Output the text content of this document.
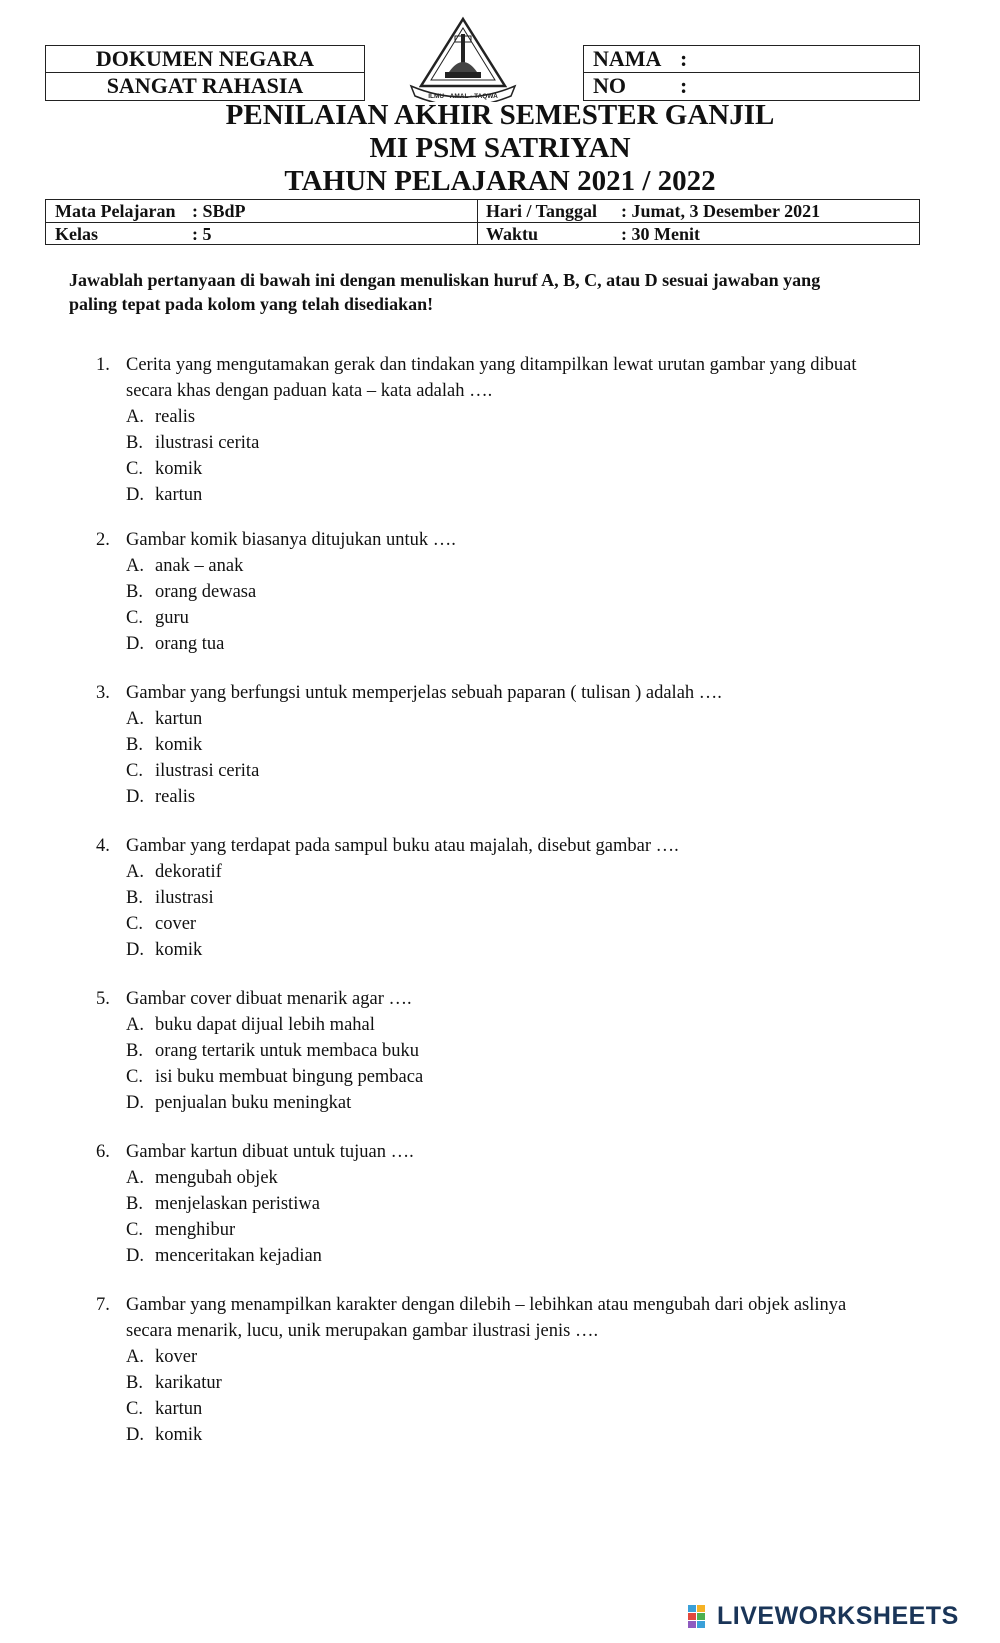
DOKUMEN NEGARA
SANGAT RAHASIA
NAMA :
NO :
ILMU - AMAL - TAQWA
PENILAIAN AKHIR SEMESTER GANJIL
MI PSM SATRIYAN
TAHUN PELAJARAN 2021 / 2022
Mata Pelajaran : SBdP
Kelas	: 5
Hari / Tanggal : Jumat, 3 Desember 2021
Waktu	: 30 Menit
Jawablah pertanyaan di bawah ini dengan menuliskan huruf A, B, C, atau D sesuai jawaban yang
paling tepat pada kolom yang telah disediakan!
1. Cerita yang mengutamakan gerak dan tindakan yang ditampilkan lewat urutan gambar yang dibuat
secara khas dengan paduan kata – kata adalah ….
A. realis
B. ilustrasi cerita
C. komik
D. kartun
2. Gambar komik biasanya ditujukan untuk ….
A. anak – anak
B. orang dewasa
C. guru
D. orang tua
3. Gambar yang berfungsi untuk memperjelas sebuah paparan ( tulisan ) adalah ….
A. kartun
B. komik
C. ilustrasi cerita
D. realis
4. Gambar yang terdapat pada sampul buku atau majalah, disebut gambar ….
A. dekoratif
B. ilustrasi
C. cover
D. komik
5. Gambar cover dibuat menarik agar ….
A. buku dapat dijual lebih mahal
B. orang tertarik untuk membaca buku
C. isi buku membuat bingung pembaca
D. penjualan buku meningkat
6. Gambar kartun dibuat untuk tujuan ….
A. mengubah objek
B. menjelaskan peristiwa
C. menghibur
D. menceritakan kejadian
7. Gambar yang menampilkan karakter dengan dilebih – lebihkan atau mengubah dari objek aslinya
secara menarik, lucu, unik merupakan gambar ilustrasi jenis ….
A. kover
B. karikatur
C. kartun
D. komik
LIVEWORKSHEETS
